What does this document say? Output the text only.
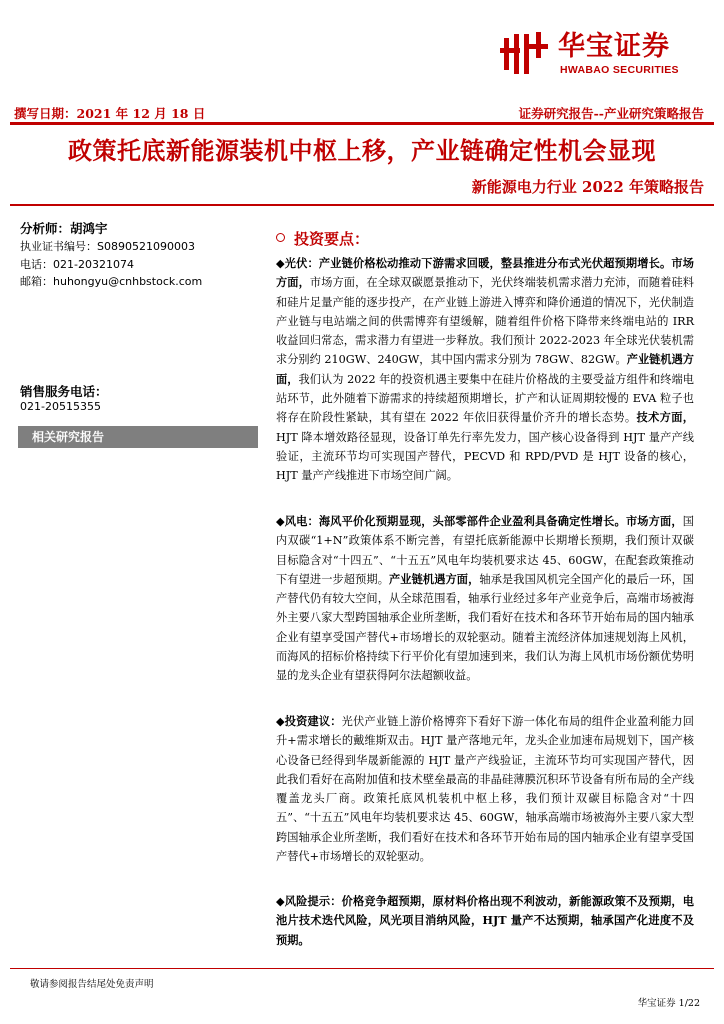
华宝证券
HWABAO SECURITIES
撰写日期：2021 年 12 月 18 日	证券研究报告--产业研究策略报告
政策托底新能源装机中枢上移，产业链确定性机会显现
新能源电力行业 2022 年策略报告

分析师：胡鸿宇

执业证书编号：S0890521090003

电话：021-20321074

邮箱：huhongyu@cnhbstock.com

销售服务电话：
021-20515355
相关研究报告
投资要点：

◆光伏：产业链价格松动推动下游需求回暖，整县推进分布式光伏超预期增长。市场方面，市场方面，在全球双碳愿景推动下，光伏终端装机需求潜力充沛，而随着硅料和硅片足量产能的逐步投产，在产业链上游进入博弈和降价通道的情况下，光伏制造产业链与电站端之间的供需博弈有望缓解，随着组件价格下降带来终端电站的 IRR 收益回归常态，需求潜力有望进一步释放。我们预计 2022-2023 年全球光伏装机需求分别约 210GW、240GW，其中国内需求分别为 78GW、82GW。产业链机遇方面，我们认为 2022 年的投资机遇主要集中在硅片价格战的主要受益方组件和终端电站环节，此外随着下游需求的持续超预期增长，扩产和认证周期较慢的 EVA 粒子也将存在阶段性紧缺，其有望在 2022 年依旧获得量价齐升的增长态势。技术方面，HJT 降本增效路径显现，设备订单先行率先发力，国产核心设备得到 HJT 量产产线验证，主流环节均可实现国产替代，PECVD 和 RPD/PVD 是 HJT 设备的核心，HJT 量产产线推进下市场空间广阔。

◆风电：海风平价化预期显现，头部零部件企业盈利具备确定性增长。市场方面，国内双碳“1+N”政策体系不断完善，有望托底新能源中长期增长预期，我们预计双碳目标隐含对“十四五”、“十五五”风电年均装机要求达 45、60GW，在配套政策推动下有望进一步超预期。产业链机遇方面，轴承是我国风机完全国产化的最后一环，国产替代仍有较大空间，从全球范围看，轴承行业经过多年产业竞争后，高端市场被海外主要八家大型跨国轴承企业所垄断，我们看好在技术和各环节开始布局的国内轴承企业有望享受国产替代+市场增长的双轮驱动。随着主流经济体加速规划海上风机，而海风的招标价格持续下行平价化有望加速到来，我们认为海上风机市场份额优势明显的龙头企业有望获得阿尔法超额收益。

◆投资建议：光伏产业链上游价格博弈下看好下游一体化布局的组件企业盈利能力回升+需求增长的戴维斯双击。HJT 量产落地元年，龙头企业加速布局规划下，国产核心设备已经得到华晟新能源的 HJT 量产产线验证，主流环节均可实现国产替代，因此我们看好在高附加值和技术壁垒最高的非晶硅薄膜沉积环节设备有所布局的全产线覆盖龙头厂商。政策托底风机装机中枢上移，我们预计双碳目标隐含对“十四五”、“十五五”风电年均装机要求达 45、60GW，轴承高端市场被海外主要八家大型跨国轴承企业所垄断，我们看好在技术和各环节开始布局的国内轴承企业有望享受国产替代+市场增长的双轮驱动。

◆风险提示：价格竞争超预期，原材料价格出现不利波动，新能源政策不及预期，电池片技术迭代风险，风光项目消纳风险，HJT 量产不达预期，轴承国产化进度不及预期。

敬请参阅报告结尾处免责声明
华宝证券 1/22
